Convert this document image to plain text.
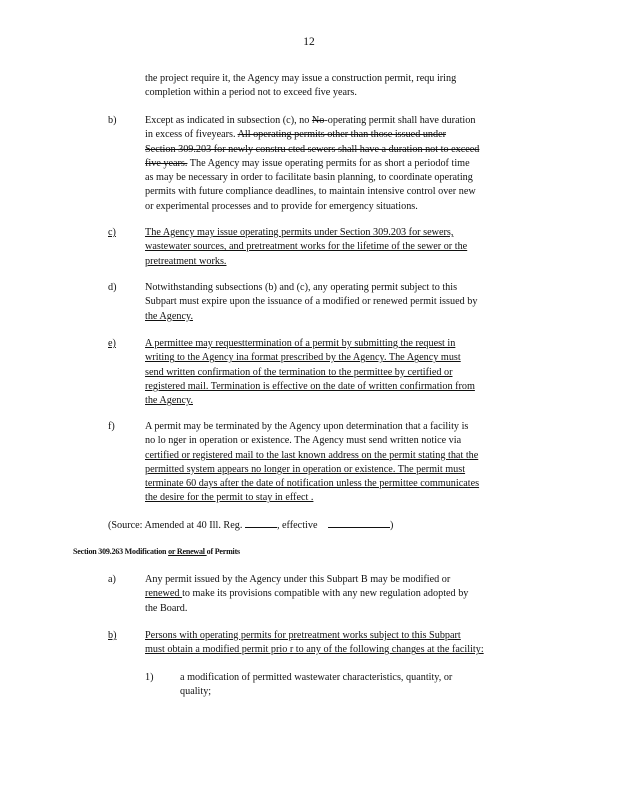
12
the project require it, the Agency may issue a construction permit, requ iring
completion within a period not to exceed five years.
b)	Except as indicated in subsection (c), no No-operating permit shall have duration
in excess of fiveyears. All operating permits other than those issued under
Section 309.203 for newly constru cted sewers shall have a duration not to exceed
five years. The Agency may issue operating permits for as short a periodof time
as may be necessary in order to facilitate basin planning, to coordinate operating
permits with future compliance deadlines, to maintain intensive control over new
or experimental processes and to provide for emergency situations.
c)	The Agency may issue operating permits under Section 309.203 for sewers,
wastewater sources, and pretreatment works for the lifetime of the sewer or the
pretreatment works.
d)	Notwithstanding subsections (b) and (c), any operating permit subject to this
Subpart must expire upon the issuance of a modified or renewed permit issued by
the Agency.
e)	A permittee may requesttermination of a permit by submitting the request in
writing to the Agency ina format prescribed by the Agency. The Agency must
send written confirmation of the termination to the permittee by certified or
registered mail. Termination is effective on the date of written confirmation from
the Agency.
f)	A permit may be terminated by the Agency upon determination that a facility is
no lo nger in operation or existence. The Agency must send written notice via
certified or registered mail to the last known address on the permit stating that the
permitted system appears no longer in operation or existence. The permit must
terminate 60 days after the date of notification unless the permittee communicates
the desire for the permit to stay in effect .
(Source: Amended at 40 Ill. Reg.	, effective	)
Section 309.263 Modification or Renewal of Permits
a)	Any permit issued by the Agency under this Subpart B may be modified or
renewed to make its provisions compatible with any new regulation adopted by
the Board.
b)	Persons with operating permits for pretreatment works subject to this Subpart
must obtain a modified permit prio r to any of the following changes at the facility:
1)	a modification of permitted wastewater characteristics, quantity, or
quality;
